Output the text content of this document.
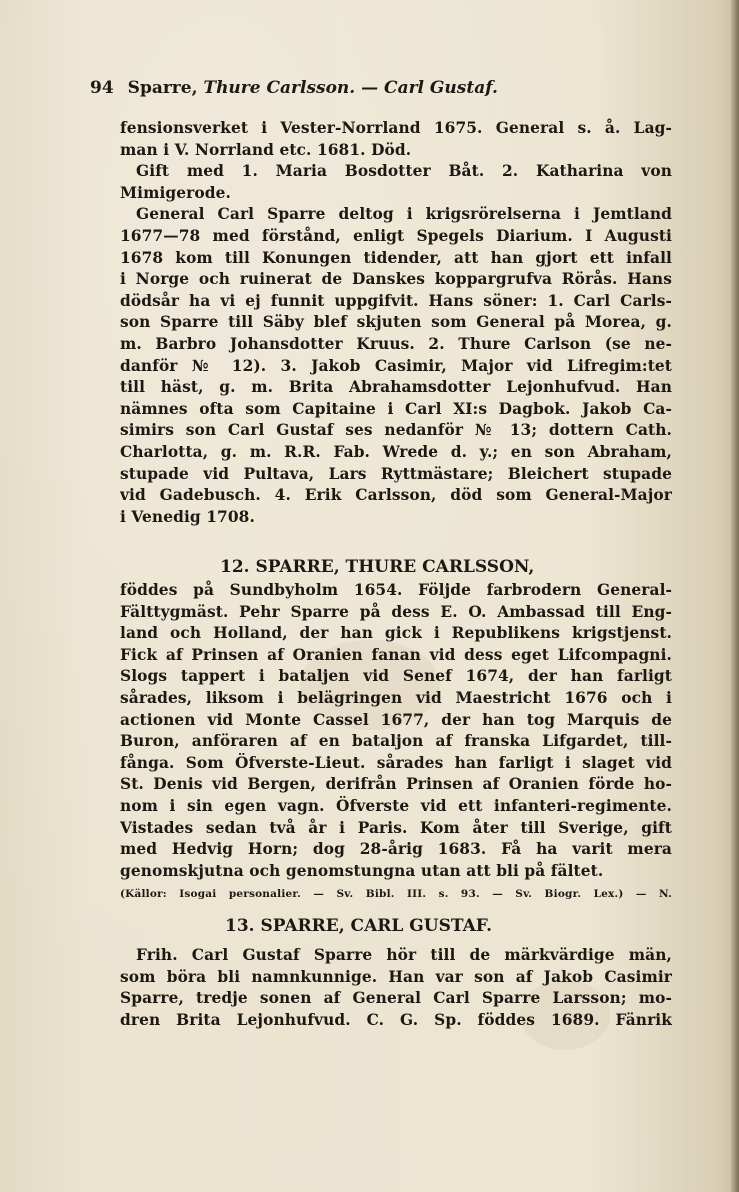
94 Sparre, Thure Carlsson. — Carl Gustaf.
fensionsverket i Vester-Norrland 1675. General s. å. Lag-
man i V. Norrland etc. 1681. Död.
Gift med 1. Maria Bosdotter Båt. 2. Katharina von
Mimigerode.
General Carl Sparre deltog i krigsrörelserna i Jemtland
1677—78 med förstånd, enligt Spegels Diarium. I Augusti
1678 kom till Konungen tidender, att han gjort ett infall
i Norge och ruinerat de Danskes koppargrufva Rörås. Hans
dödsår ha vi ej funnit uppgifvit. Hans söner: 1. Carl Carls-
son Sparre till Säby blef skjuten som General på Morea, g.
m. Barbro Johansdotter Kruus. 2. Thure Carlson (se ne-
danför № 12). 3. Jakob Casimir, Major vid Lifregim:tet
till häst, g. m. Brita Abrahamsdotter Lejonhufvud. Han
nämnes ofta som Capitaine i Carl XI:s Dagbok. Jakob Ca-
simirs son Carl Gustaf ses nedanför № 13; dottern Cath.
Charlotta, g. m. R.R. Fab. Wrede d. y.; en son Abraham,
stupade vid Pultava, Lars Ryttmästare; Bleichert stupade
vid Gadebusch. 4. Erik Carlsson, död som General-Major
i Venedig 1708.
12. SPARRE, THURE CARLSSON,
föddes på Sundbyholm 1654. Följde farbrodern General-
Fälttygmäst. Pehr Sparre på dess E. O. Ambassad till Eng-
land och Holland, der han gick i Republikens krigstjenst.
Fick af Prinsen af Oranien fanan vid dess eget Lifcompagni.
Slogs tappert i bataljen vid Senef 1674, der han farligt
sårades, liksom i belägringen vid Maestricht 1676 och i
actionen vid Monte Cassel 1677, der han tog Marquis de
Buron, anföraren af en bataljon af franska Lifgardet, till-
fånga. Som Öfverste-Lieut. sårades han farligt i slaget vid
St. Denis vid Bergen, derifrån Prinsen af Oranien förde ho-
nom i sin egen vagn. Öfverste vid ett infanteri-regimente.
Vistades sedan två år i Paris. Kom åter till Sverige, gift
med Hedvig Horn; dog 28-årig 1683. Få ha varit mera
genomskjutna och genomstungna utan att bli på fältet.
(Källor: Isogai personalier. — Sv. Bibl. III. s. 93. — Sv. Biogr. Lex.) — N.
13. SPARRE, CARL GUSTAF.
Frih. Carl Gustaf Sparre hör till de märkvärdige män,
som böra bli namnkunnige. Han var son af Jakob Casimir
Sparre, tredje sonen af General Carl Sparre Larsson; mo-
dren Brita Lejonhufvud. C. G. Sp. föddes 1689. Fänrik
